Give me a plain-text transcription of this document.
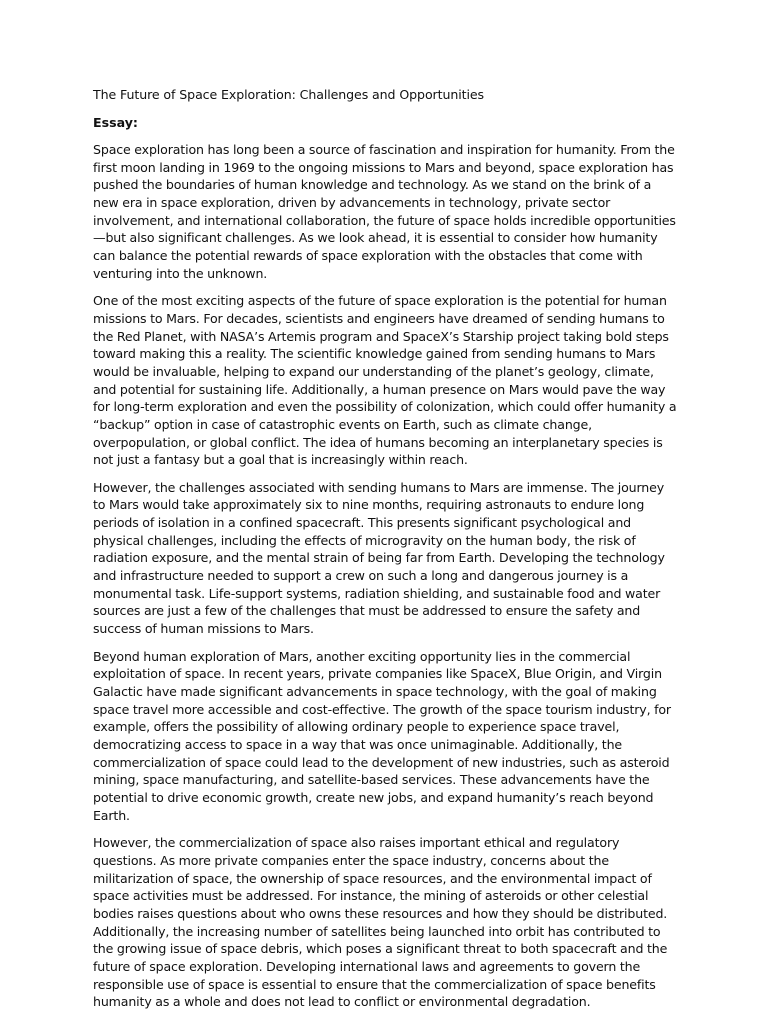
The Future of Space Exploration: Challenges and Opportunities

Essay:

Space exploration has long been a source of fascination and inspiration for humanity. From the first moon landing in 1969 to the ongoing missions to Mars and beyond, space exploration has pushed the boundaries of human knowledge and technology. As we stand on the brink of a new era in space exploration, driven by advancements in technology, private sector involvement, and international collaboration, the future of space holds incredible opportunities—but also significant challenges. As we look ahead, it is essential to consider how humanity can balance the potential rewards of space exploration with the obstacles that come with venturing into the unknown.

One of the most exciting aspects of the future of space exploration is the potential for human missions to Mars. For decades, scientists and engineers have dreamed of sending humans to the Red Planet, with NASA’s Artemis program and SpaceX’s Starship project taking bold steps toward making this a reality. The scientific knowledge gained from sending humans to Mars would be invaluable, helping to expand our understanding of the planet’s geology, climate, and potential for sustaining life. Additionally, a human presence on Mars would pave the way for long-term exploration and even the possibility of colonization, which could offer humanity a “backup” option in case of catastrophic events on Earth, such as climate change, overpopulation, or global conflict. The idea of humans becoming an interplanetary species is not just a fantasy but a goal that is increasingly within reach.

However, the challenges associated with sending humans to Mars are immense. The journey to Mars would take approximately six to nine months, requiring astronauts to endure long periods of isolation in a confined spacecraft. This presents significant psychological and physical challenges, including the effects of microgravity on the human body, the risk of radiation exposure, and the mental strain of being far from Earth. Developing the technology and infrastructure needed to support a crew on such a long and dangerous journey is a monumental task. Life-support systems, radiation shielding, and sustainable food and water sources are just a few of the challenges that must be addressed to ensure the safety and success of human missions to Mars.

Beyond human exploration of Mars, another exciting opportunity lies in the commercial exploitation of space. In recent years, private companies like SpaceX, Blue Origin, and Virgin Galactic have made significant advancements in space technology, with the goal of making space travel more accessible and cost-effective. The growth of the space tourism industry, for example, offers the possibility of allowing ordinary people to experience space travel, democratizing access to space in a way that was once unimaginable. Additionally, the commercialization of space could lead to the development of new industries, such as asteroid mining, space manufacturing, and satellite-based services. These advancements have the potential to drive economic growth, create new jobs, and expand humanity’s reach beyond Earth.

However, the commercialization of space also raises important ethical and regulatory questions. As more private companies enter the space industry, concerns about the militarization of space, the ownership of space resources, and the environmental impact of space activities must be addressed. For instance, the mining of asteroids or other celestial bodies raises questions about who owns these resources and how they should be distributed. Additionally, the increasing number of satellites being launched into orbit has contributed to the growing issue of space debris, which poses a significant threat to both spacecraft and the future of space exploration. Developing international laws and agreements to govern the responsible use of space is essential to ensure that the commercialization of space benefits humanity as a whole and does not lead to conflict or environmental degradation.
